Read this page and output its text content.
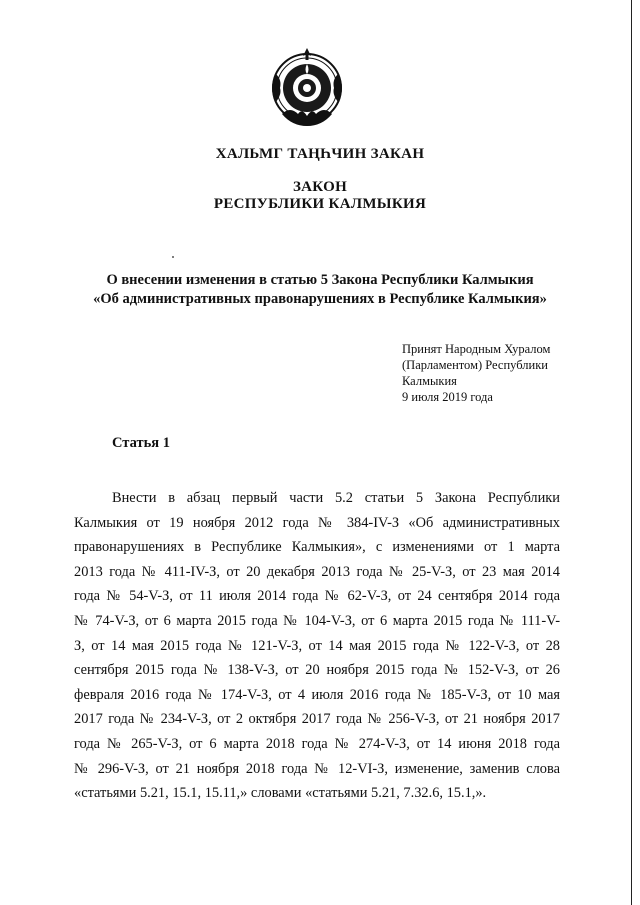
ХАЛЬМГ ТАҢҺЧИН ЗАКАН
ЗАКОН
РЕСПУБЛИКИ КАЛМЫКИЯ
О внесении изменения в статью 5 Закона Республики Калмыкия
«Об административных правонарушениях в Республике Калмыкия»
Принят Народным Хуралом
(Парламентом) Республики
Калмыкия
9 июля 2019 года
Статья 1
Внести в абзац первый части 5.2 статьи 5 Закона Республики
Калмыкия от 19 ноября 2012 года № 384-IV-З «Об административных
правонарушениях в Республике Калмыкия», с изменениями от 1 марта
2013 года № 411-IV-З, от 20 декабря 2013 года № 25-V-З, от 23 мая 2014
года № 54-V-З, от 11 июля 2014 года № 62-V-З, от 24 сентября 2014 года
№ 74-V-З, от 6 марта 2015 года № 104-V-З, от 6 марта 2015 года № 111-V-
З, от 14 мая 2015 года № 121-V-З, от 14 мая 2015 года № 122-V-З, от 28
сентября 2015 года № 138-V-З, от 20 ноября 2015 года № 152-V-З, от 26
февраля 2016 года № 174-V-З, от 4 июля 2016 года № 185-V-З, от 10 мая
2017 года № 234-V-З, от 2 октября 2017 года № 256-V-З, от 21 ноября 2017
года № 265-V-З, от 6 марта 2018 года № 274-V-З, от 14 июня 2018 года
№ 296-V-З, от 21 ноября 2018 года № 12-VI-З, изменение, заменив слова
«статьями 5.21, 15.1, 15.11,» словами «статьями 5.21, 7.32.6, 15.1,».
